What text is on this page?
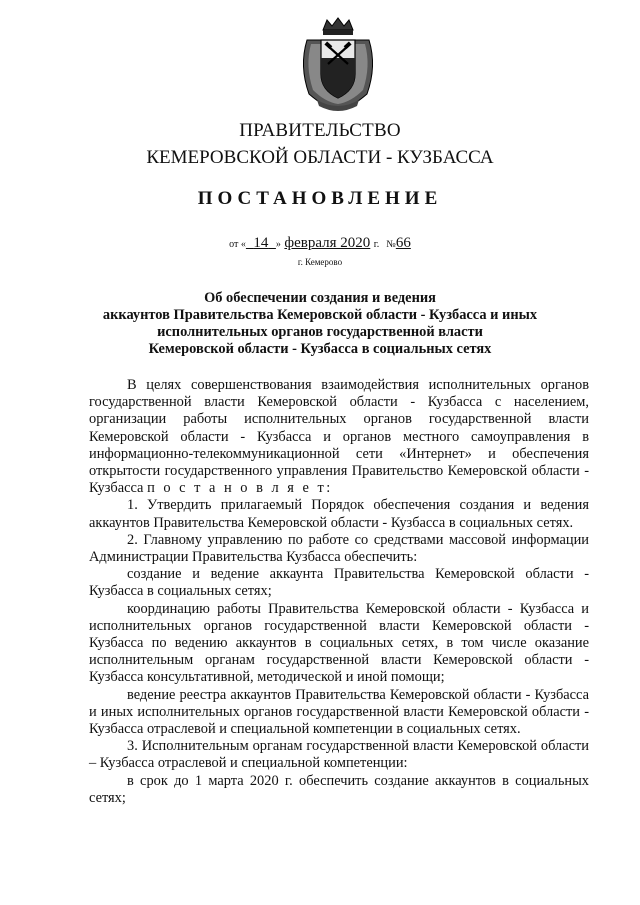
ПРАВИТЕЛЬСТВО
КЕМЕРОВСКОЙ ОБЛАСТИ - КУЗБАССА
ПОСТАНОВЛЕНИЕ
от « 14 » февраля 2020 г. №66
г. Кемерово
Об обеспечении создания и ведения
аккаунтов Правительства Кемеровской области - Кузбасса и иных
исполнительных органов государственной власти
Кемеровской области - Кузбасса в социальных сетях

В целях совершенствования взаимодействия исполнительных органов государственной власти Кемеровской области - Кузбасса с населением, организации работы исполнительных органов государственной власти Кемеровской области - Кузбасса и органов местного самоуправления в информационно-телекоммуникационной сети «Интернет» и обеспечения открытости государственного управления Правительство Кемеровской области - Кузбасса п о с т а н о в л я е т:

1. Утвердить прилагаемый Порядок обеспечения создания и ведения аккаунтов Правительства Кемеровской области - Кузбасса в социальных сетях.

2. Главному управлению по работе со средствами массовой информации Администрации Правительства Кузбасса обеспечить:

создание и ведение аккаунта Правительства Кемеровской области - Кузбасса в социальных сетях;

координацию работы Правительства Кемеровской области - Кузбасса и исполнительных органов государственной власти Кемеровской области - Кузбасса по ведению аккаунтов в социальных сетях, в том числе оказание исполнительным органам государственной власти Кемеровской области - Кузбасса консультативной, методической и иной помощи;

ведение реестра аккаунтов Правительства Кемеровской области - Кузбасса и иных исполнительных органов государственной власти Кемеровской области - Кузбасса отраслевой и специальной компетенции в социальных сетях.

3. Исполнительным органам государственной власти Кемеровской области – Кузбасса отраслевой и специальной компетенции:

в срок до 1 марта 2020 г. обеспечить создание аккаунтов в социальных сетях;
